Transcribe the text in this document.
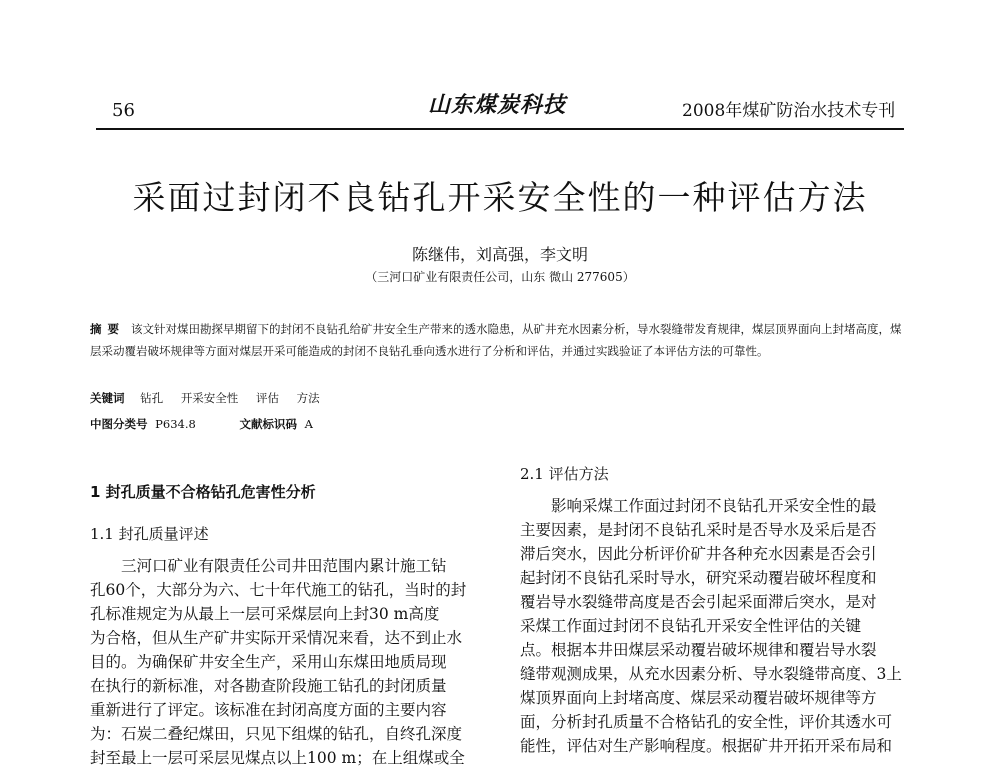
56	山东煤炭科技	2008年煤矿防治水技术专刊
采面过封闭不良钻孔开采安全性的一种评估方法
陈继伟，刘高强，李文明
（三河口矿业有限责任公司，山东 微山 277605）
摘要 该文针对煤田勘探早期留下的封闭不良钻孔给矿井安全生产带来的透水隐患，从矿井充水因素分析，导水裂缝带发育规律，煤层顶界面向上封堵高度，煤层采动覆岩破坏规律等方面对煤层开采可能造成的封闭不良钻孔垂向透水进行了分析和评估，并通过实践验证了本评估方法的可靠性。
关键词 钻孔 开采安全性 评估 方法
中图分类号 P634.8	文献标识码 A

1 封孔质量不合格钻孔危害性分析

1.1 封孔质量评述

三河口矿业有限责任公司井田范围内累计施工钻
孔60个，大部分为六、七十年代施工的钻孔，当时的封
孔标准规定为从最上一层可采煤层向上封30 m高度
为合格，但从生产矿井实际开采情况来看，达不到止水
目的。为确保矿井安全生产，采用山东煤田地质局现
在执行的新标准，对各勘查阶段施工钻孔的封闭质量
重新进行了评定。该标准在封闭高度方面的主要内容
为：石炭二叠纪煤田，只见下组煤的钻孔，自终孔深度
封至最上一层可采层见煤点以上100 m；在上组煤或全

2.1 评估方法

影响采煤工作面过封闭不良钻孔开采安全性的最
主要因素，是封闭不良钻孔采时是否导水及采后是否
滞后突水，因此分析评价矿井各种充水因素是否会引
起封闭不良钻孔采时导水，研究采动覆岩破坏程度和
覆岩导水裂缝带高度是否会引起采面滞后突水，是对
采煤工作面过封闭不良钻孔开采安全性评估的关键
点。根据本井田煤层采动覆岩破坏规律和覆岩导水裂
缝带观测成果，从充水因素分析、导水裂缝带高度、3上
煤顶界面向上封堵高度、煤层采动覆岩破坏规律等方
面，分析封孔质量不合格钻孔的安全性，评价其透水可
能性，评估对生产影响程度。根据矿井开拓开采布局和
